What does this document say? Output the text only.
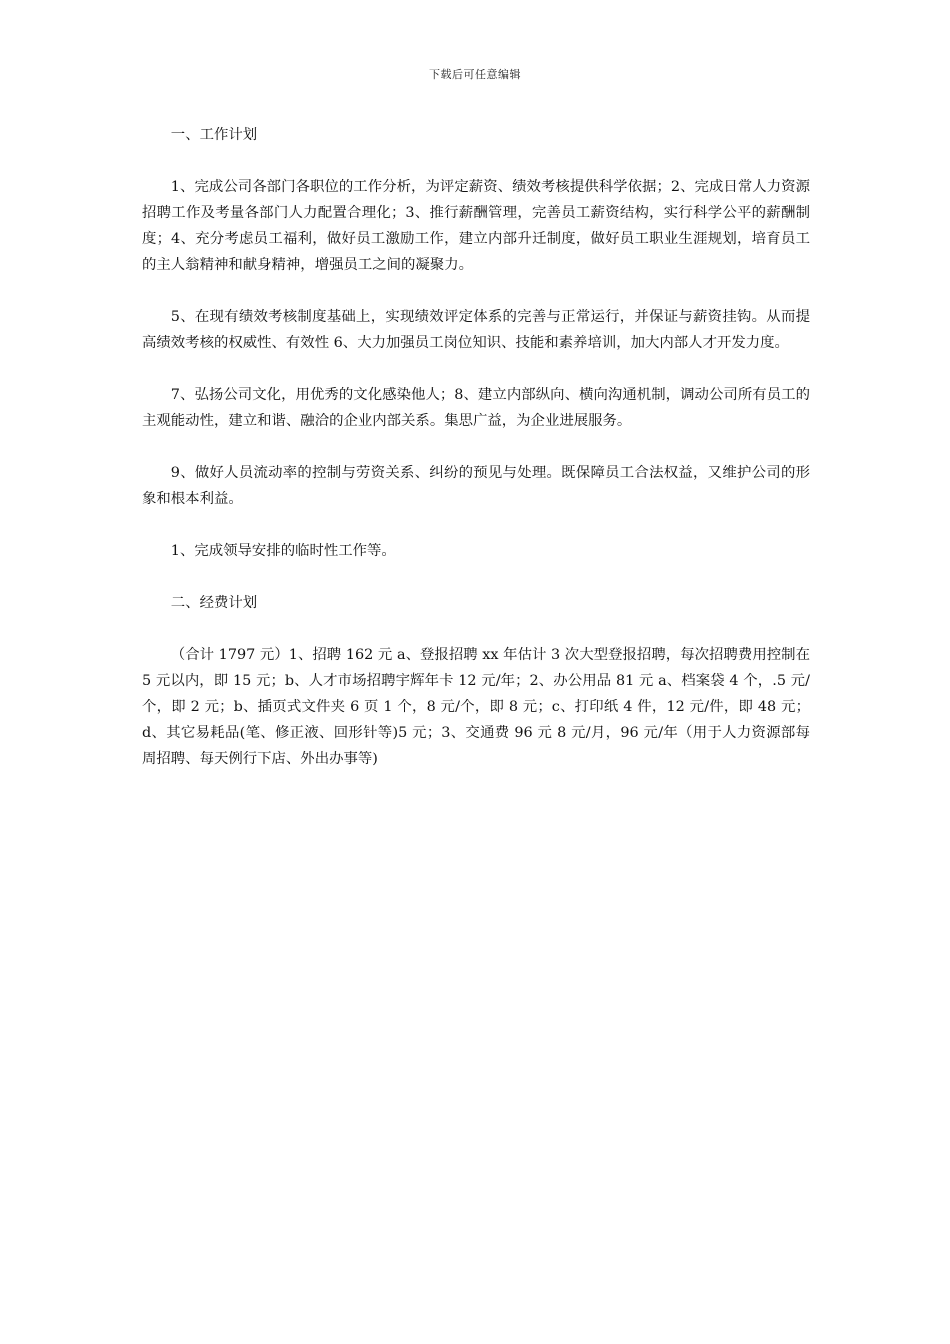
下载后可任意编辑

一、工作计划

1、完成公司各部门各职位的工作分析，为评定薪资、绩效考核提供科学依据；2、完成日常人力资源招聘工作及考量各部门人力配置合理化；3、推行薪酬管理，完善员工薪资结构，实行科学公平的薪酬制度；4、充分考虑员工福利，做好员工激励工作，建立内部升迁制度，做好员工职业生涯规划，培育员工的主人翁精神和献身精神，增强员工之间的凝聚力。

5、在现有绩效考核制度基础上，实现绩效评定体系的完善与正常运行，并保证与薪资挂钩。从而提高绩效考核的权威性、有效性 6、大力加强员工岗位知识、技能和素养培训，加大内部人才开发力度。

7、弘扬公司文化，用优秀的文化感染他人；8、建立内部纵向、横向沟通机制，调动公司所有员工的主观能动性，建立和谐、融洽的企业内部关系。集思广益，为企业进展服务。

9、做好人员流动率的控制与劳资关系、纠纷的预见与处理。既保障员工合法权益，又维护公司的形象和根本利益。

1、完成领导安排的临时性工作等。

二、经费计划

（合计 1797 元）1、招聘 162 元 a、登报招聘 xx 年估计 3 次大型登报招聘，每次招聘费用控制在 5 元以内，即 15 元；b、人才市场招聘宇辉年卡 12 元/年；2、办公用品 81 元 a、档案袋 4 个，.5 元/个，即 2 元；b、插页式文件夹 6 页 1 个，8 元/个，即 8 元；c、打印纸 4 件，12 元/件，即 48 元；d、其它易耗品(笔、修正液、回形针等)5 元；3、交通费 96 元 8 元/月，96 元/年（用于人力资源部每周招聘、每天例行下店、外出办事等)
